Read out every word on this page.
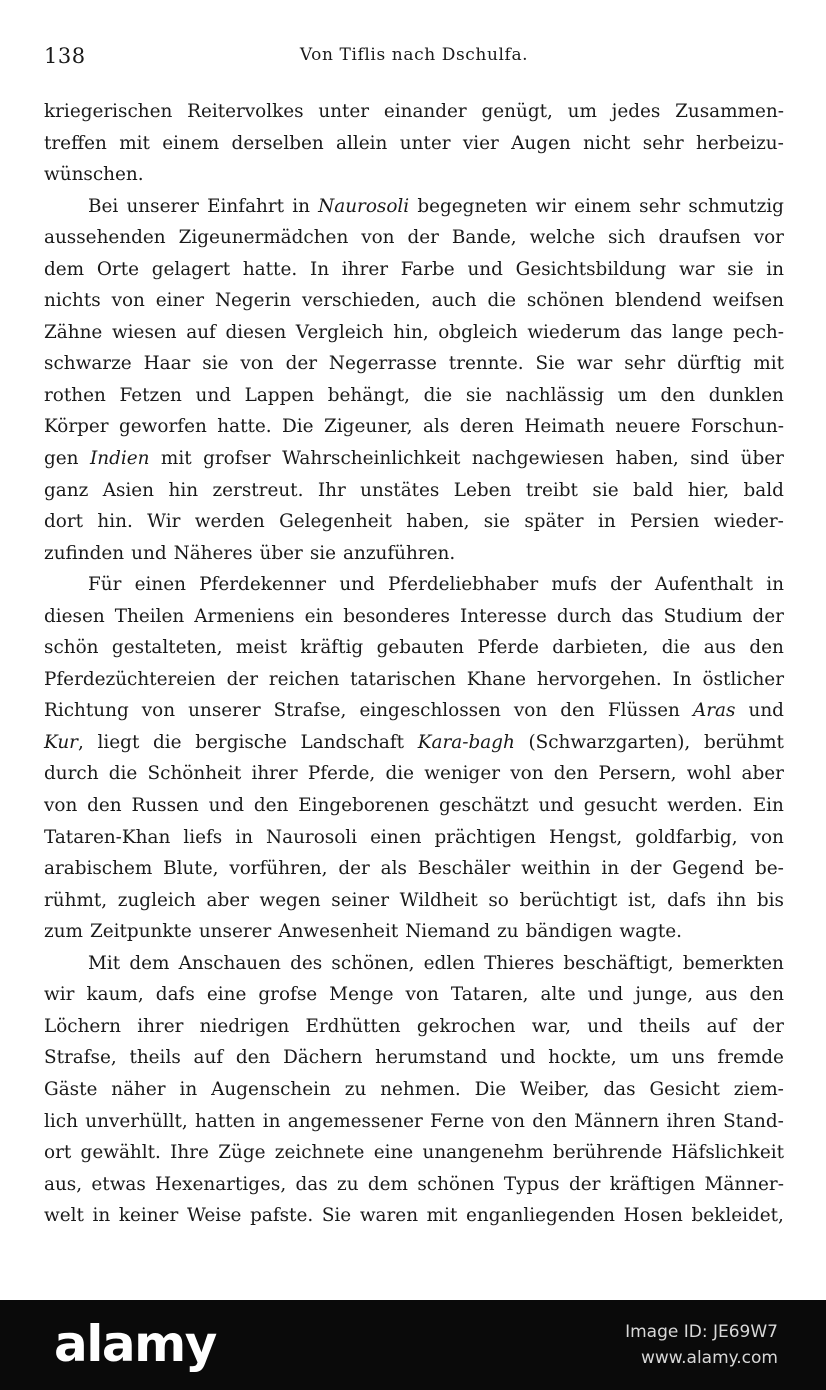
138	Von Tiflis nach Dschulfa.
kriegerischen Reitervolkes unter einander genügt, um jedes Zusammen-
treffen mit einem derselben allein unter vier Augen nicht sehr herbeizu-
wünschen.
Bei unserer Einfahrt in Naurosoli begegneten wir einem sehr schmutzig
aussehenden Zigeunermädchen von der Bande, welche sich draufsen vor
dem Orte gelagert hatte. In ihrer Farbe und Gesichtsbildung war sie in
nichts von einer Negerin verschieden, auch die schönen blendend weifsen
Zähne wiesen auf diesen Vergleich hin, obgleich wiederum das lange pech-
schwarze Haar sie von der Negerrasse trennte. Sie war sehr dürftig mit
rothen Fetzen und Lappen behängt, die sie nachlässig um den dunklen
Körper geworfen hatte. Die Zigeuner, als deren Heimath neuere Forschun-
gen Indien mit grofser Wahrscheinlichkeit nachgewiesen haben, sind über
ganz Asien hin zerstreut. Ihr unstätes Leben treibt sie bald hier, bald
dort hin. Wir werden Gelegenheit haben, sie später in Persien wieder-
zufinden und Näheres über sie anzuführen.
Für einen Pferdekenner und Pferdeliebhaber mufs der Aufenthalt in
diesen Theilen Armeniens ein besonderes Interesse durch das Studium der
schön gestalteten, meist kräftig gebauten Pferde darbieten, die aus den
Pferdezüchtereien der reichen tatarischen Khane hervorgehen. In östlicher
Richtung von unserer Strafse, eingeschlossen von den Flüssen Aras und
Kur, liegt die bergische Landschaft Kara-bagh (Schwarzgarten), berühmt
durch die Schönheit ihrer Pferde, die weniger von den Persern, wohl aber
von den Russen und den Eingeborenen geschätzt und gesucht werden. Ein
Tataren-Khan liefs in Naurosoli einen prächtigen Hengst, goldfarbig, von
arabischem Blute, vorführen, der als Beschäler weithin in der Gegend be-
rühmt, zugleich aber wegen seiner Wildheit so berüchtigt ist, dafs ihn bis
zum Zeitpunkte unserer Anwesenheit Niemand zu bändigen wagte.
Mit dem Anschauen des schönen, edlen Thieres beschäftigt, bemerkten
wir kaum, dafs eine grofse Menge von Tataren, alte und junge, aus den
Löchern ihrer niedrigen Erdhütten gekrochen war, und theils auf der
Strafse, theils auf den Dächern herumstand und hockte, um uns fremde
Gäste näher in Augenschein zu nehmen. Die Weiber, das Gesicht ziem-
lich unverhüllt, hatten in angemessener Ferne von den Männern ihren Stand-
ort gewählt. Ihre Züge zeichnete eine unangenehm berührende Häfslichkeit
aus, etwas Hexenartiges, das zu dem schönen Typus der kräftigen Männer-
welt in keiner Weise pafste. Sie waren mit enganliegenden Hosen bekleidet,
alamy	Image ID: JE69W7
www.alamy.com
